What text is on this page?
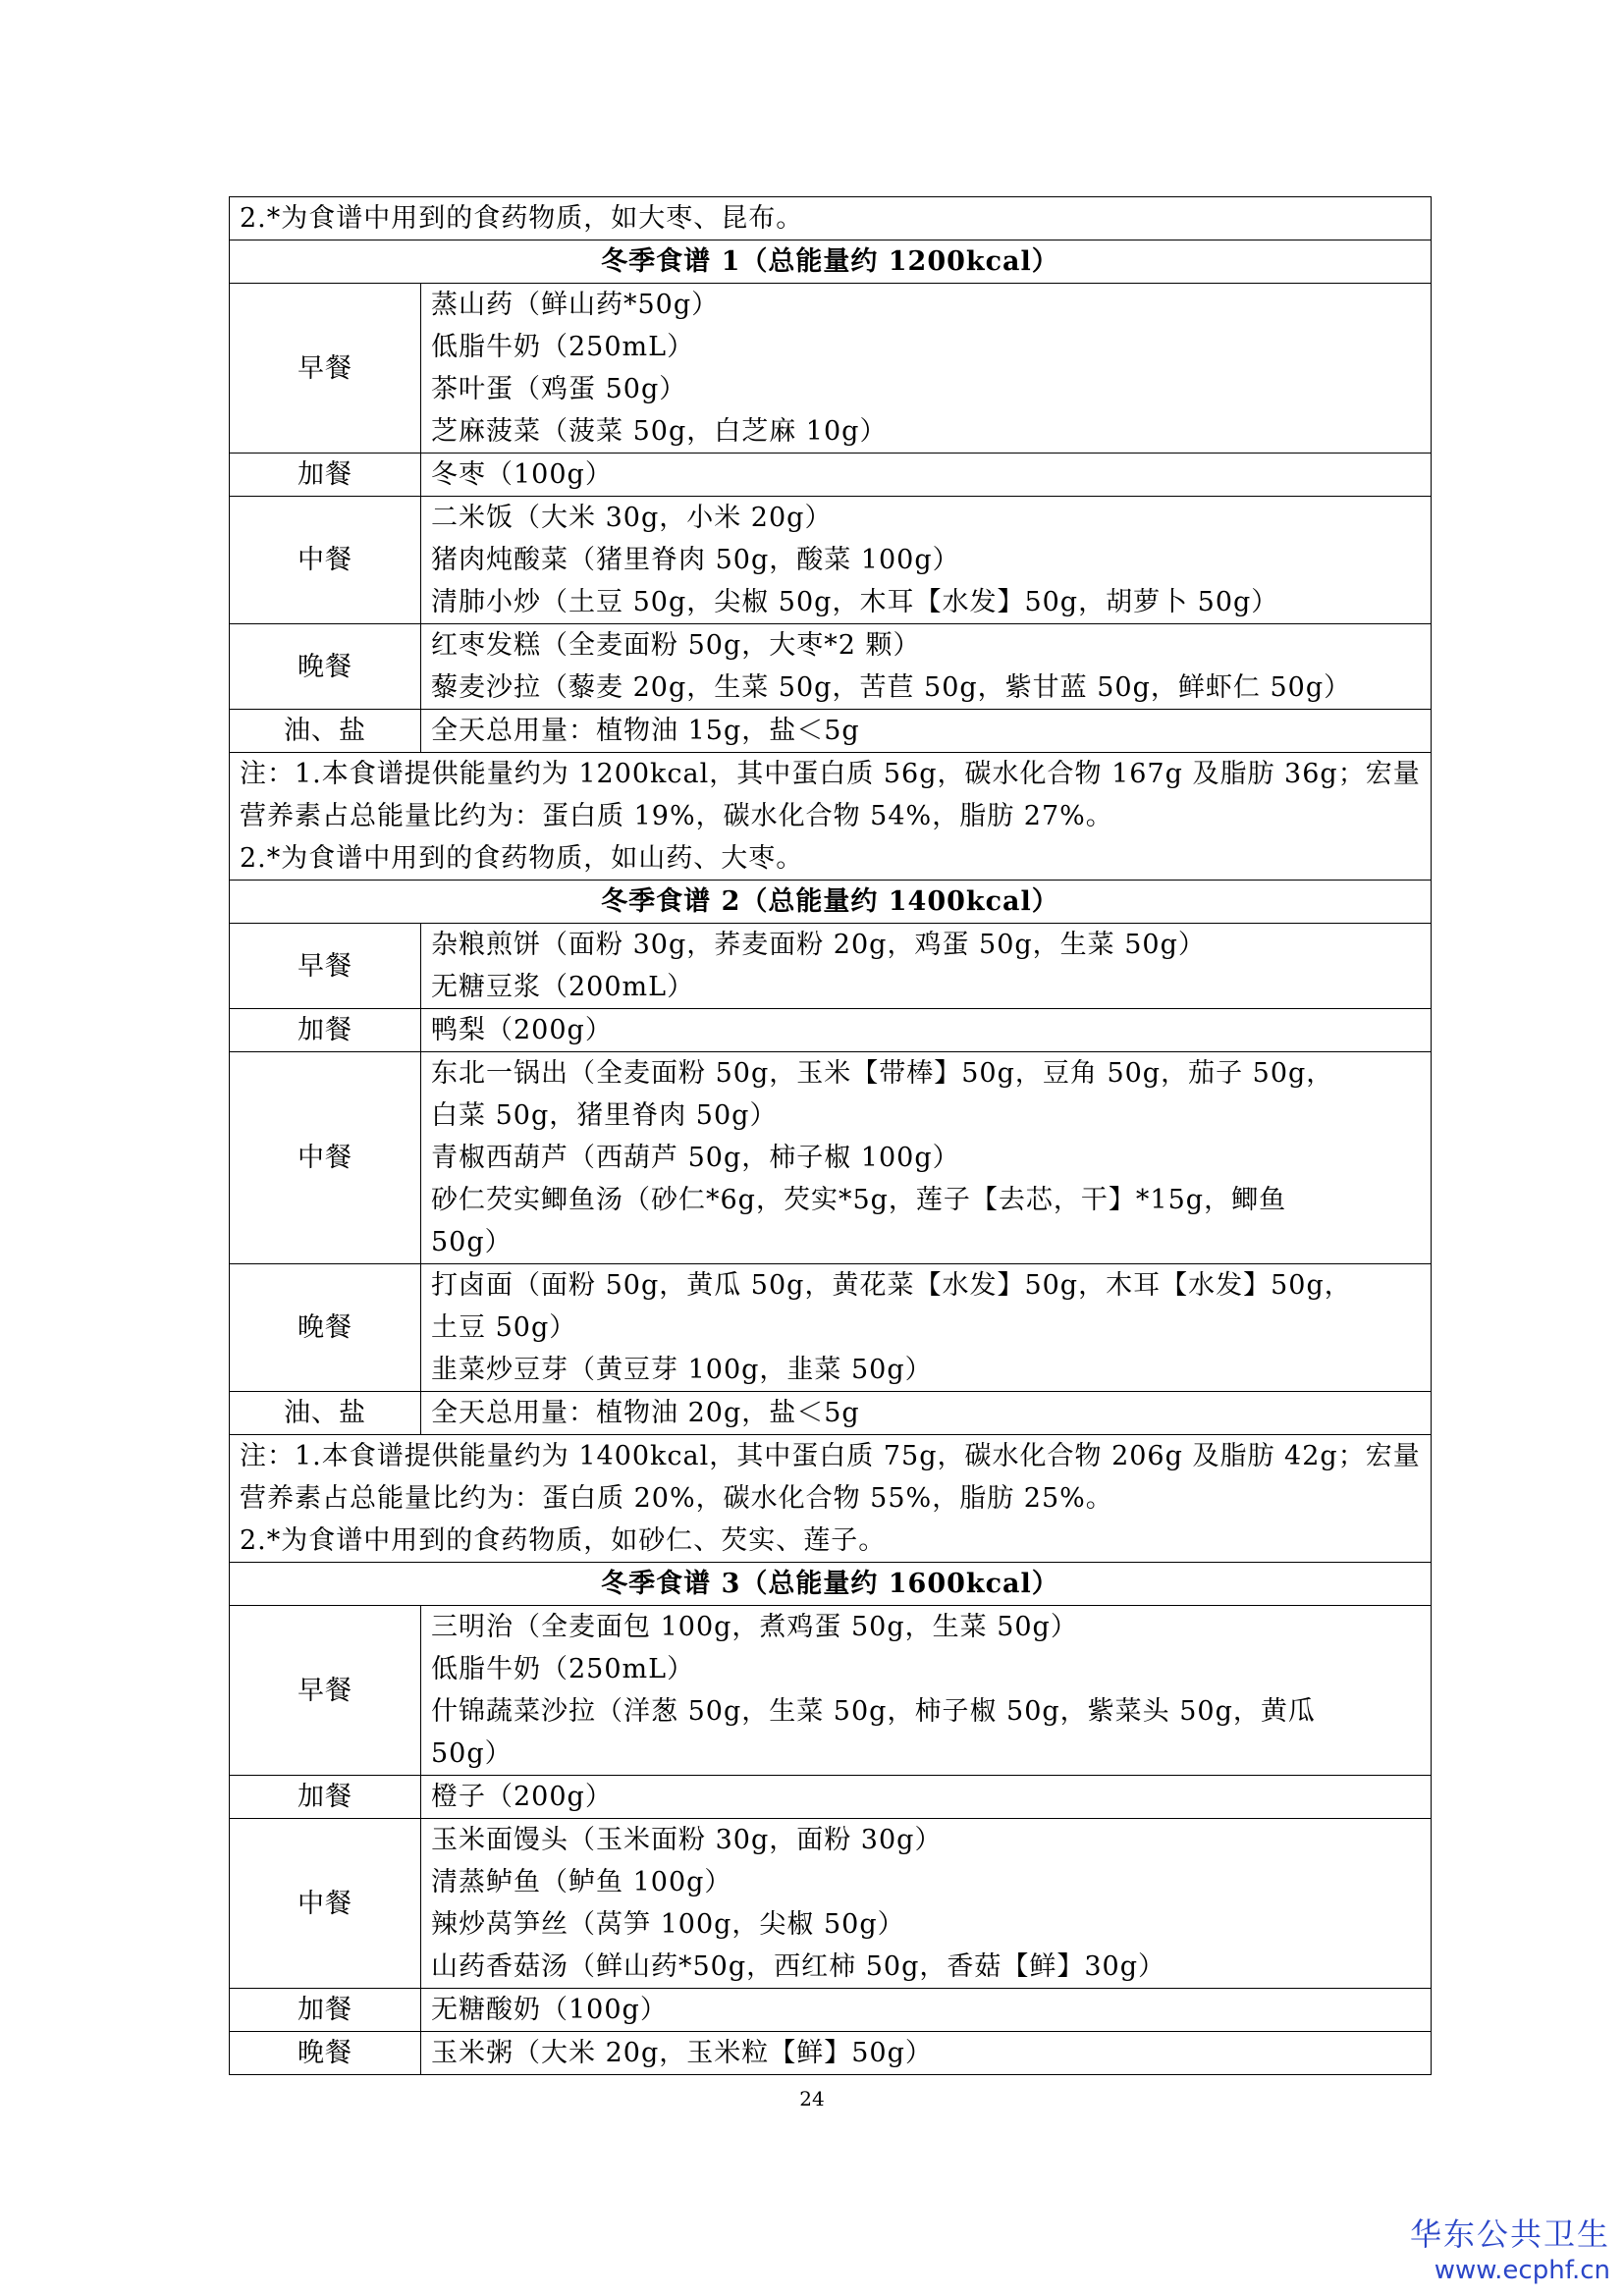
2.*为食谱中用到的食药物质，如大枣、昆布。	

冬季食谱 1（总能量约 1200kcal）	
早餐	蒸山药（鲜山药*50g）
低脂牛奶（250mL）
茶叶蛋（鸡蛋 50g）
芝麻菠菜（菠菜 50g，白芝麻 10g）

加餐	冬枣（100g）

中餐	二米饭（大米 30g，小米 20g）
猪肉炖酸菜（猪里脊肉 50g，酸菜 100g）
清肺小炒（土豆 50g，尖椒 50g，木耳【水发】50g，胡萝卜 50g）

晚餐	红枣发糕（全麦面粉 50g，大枣*2 颗）
藜麦沙拉（藜麦 20g，生菜 50g，苦苣 50g，紫甘蓝 50g，鲜虾仁 50g）

油、盐	全天总用量：植物油 15g，盐＜5g

注：1.本食谱提供能量约为 1200kcal，其中蛋白质 56g，碳水化合物 167g 及脂肪 36g；宏量营养素占总能量比约为：蛋白质 19%，碳水化合物 54%，脂肪 27%。
2.*为食谱中用到的食药物质，如山药、大枣。	

冬季食谱 2（总能量约 1400kcal）	
早餐	杂粮煎饼（面粉 30g，荞麦面粉 20g，鸡蛋 50g，生菜 50g）
无糖豆浆（200mL）

加餐	鸭梨（200g）

中餐	东北一锅出（全麦面粉 50g，玉米【带棒】50g，豆角 50g，茄子 50g，
白菜 50g，猪里脊肉 50g）
青椒西葫芦（西葫芦 50g，柿子椒 100g）
砂仁芡实鲫鱼汤（砂仁*6g，芡实*5g，莲子【去芯，干】*15g，鲫鱼
50g）

晚餐	打卤面（面粉 50g，黄瓜 50g，黄花菜【水发】50g，木耳【水发】50g，
土豆 50g）
韭菜炒豆芽（黄豆芽 100g，韭菜 50g）

油、盐	全天总用量：植物油 20g，盐＜5g

注：1.本食谱提供能量约为 1400kcal，其中蛋白质 75g，碳水化合物 206g 及脂肪 42g；宏量营养素占总能量比约为：蛋白质 20%，碳水化合物 55%，脂肪 25%。
2.*为食谱中用到的食药物质，如砂仁、芡实、莲子。	

冬季食谱 3（总能量约 1600kcal）	
早餐	三明治（全麦面包 100g，煮鸡蛋 50g，生菜 50g）
低脂牛奶（250mL）
什锦蔬菜沙拉（洋葱 50g，生菜 50g，柿子椒 50g，紫菜头 50g，黄瓜
50g）

加餐	橙子（200g）

中餐	玉米面馒头（玉米面粉 30g，面粉 30g）
清蒸鲈鱼（鲈鱼 100g）
辣炒莴笋丝（莴笋 100g，尖椒 50g）
山药香菇汤（鲜山药*50g，西红柿 50g，香菇【鲜】30g）

加餐	无糖酸奶（100g）

晚餐	玉米粥（大米 20g，玉米粒【鲜】50g）
24
华东公共卫生
www.ecphf.cn
